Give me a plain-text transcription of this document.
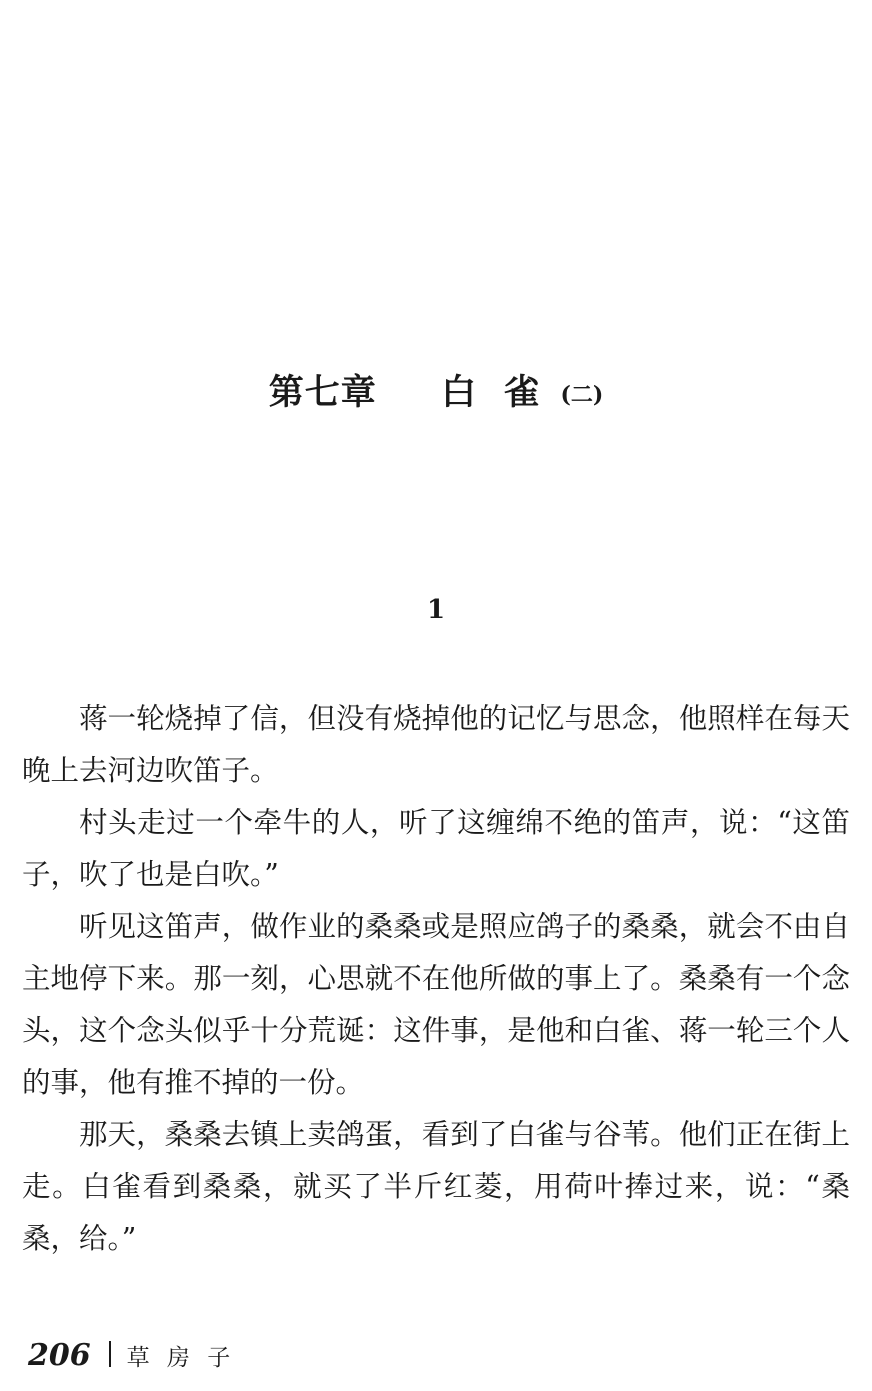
第七章 白 雀 (二)
1

蒋一轮烧掉了信，但没有烧掉他的记忆与思念，他照样在每天晚上去河边吹笛子。

村头走过一个牵牛的人，听了这缠绵不绝的笛声，说：“这笛子，吹了也是白吹。”

听见这笛声，做作业的桑桑或是照应鸽子的桑桑，就会不由自主地停下来。那一刻，心思就不在他所做的事上了。桑桑有一个念头，这个念头似乎十分荒诞：这件事，是他和白雀、蒋一轮三个人的事，他有推不掉的一份。

那天，桑桑去镇上卖鸽蛋，看到了白雀与谷苇。他们正在街上走。白雀看到桑桑，就买了半斤红菱，用荷叶捧过来，说：“桑桑，给。”

206 草 房 子
